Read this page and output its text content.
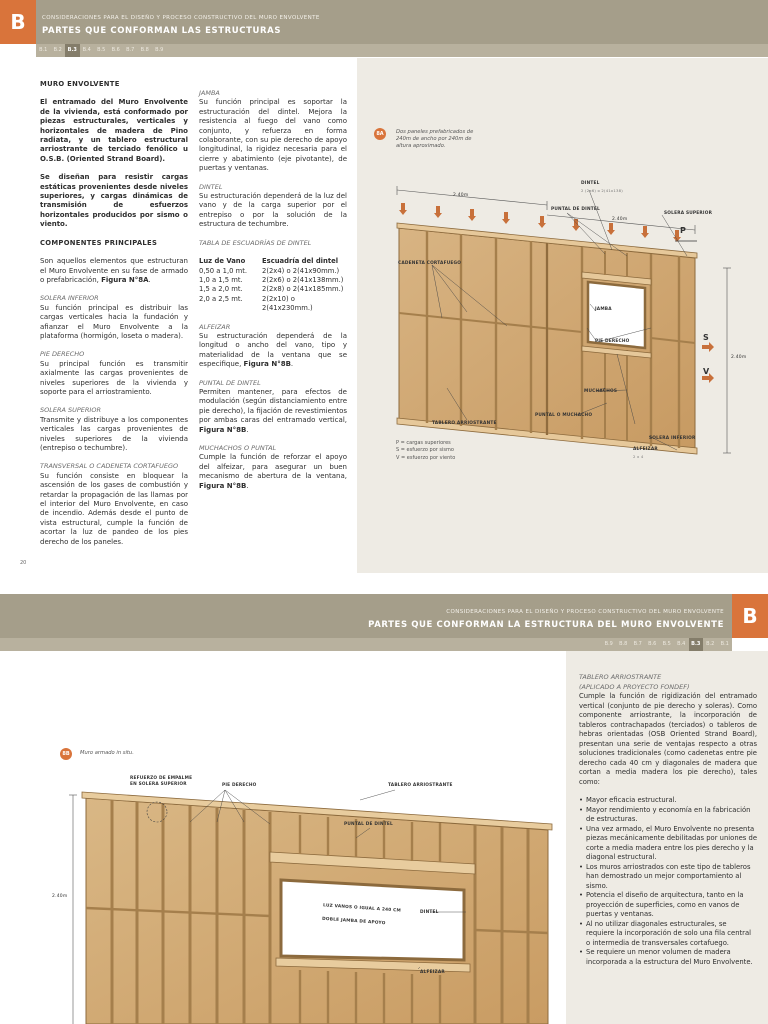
B	CONSIDERACIONES PARA EL DISEÑO Y PROCESO CONSTRUCTIVO DEL MURO ENVOLVENTE
PARTES QUE CONFORMAN LAS ESTRUCTURAS
B.1	B.2	B.3	B.4	B.5	B.6	B.7	B.8	B.9

MURO ENVOLVENTE

El entramado del Muro Envolvente de la vivienda, está conformado por piezas estructurales, verticales y horizontales de madera de Pino radiata, y un tablero estructural arriostrante de terciado fenólico u O.S.B. (Oriented Strand Board).

Se diseñan para resistir cargas estáticas provenientes desde niveles superiores, y cargas dinámicas de transmisión de esfuerzos horizontales producidos por sismo o viento.

COMPONENTES PRINCIPALES

Son aquellos elementos que estructuran el Muro Envolvente en su fase de armado o prefabricación, Figura N°8A.

SOLERA INFERIOR

Su función principal es distribuir las cargas verticales hacia la fundación y afianzar el Muro Envolvente a la plataforma (hormigón, loseta o madera).

PIE DERECHO

Su principal función es transmitir axialmente las cargas provenientes de niveles superiores de la vivienda y soporte para el arriostramiento.

SOLERA SUPERIOR

Transmite y distribuye a los componentes verticales las cargas provenientes de niveles superiores de la vivienda (entrepiso o techumbre).

TRANSVERSAL O CADENETA CORTAFUEGO

Su función consiste en bloquear la ascensión de los gases de combustión y retardar la propagación de las llamas por el interior del Muro Envolvente, en caso de incendio. Además desde el punto de vista estructural, cumple la función de acortar la luz de pandeo de los pies derecho de los paneles.

20
JAMBA

Su función principal es soportar la estructuración del dintel. Mejora la resistencia al fuego del vano como conjunto, y refuerza en forma colaborante, con su pie derecho de apoyo longitudinal, la rigidez necesaria para el cierre y abatimiento (eje pivotante), de puertas y ventanas.

DINTEL

Su estructuración dependerá de la luz del vano y de la carga superior por el entrepiso o por la solución de la estructura de techumbre.

TABLA DE ESCUADRÍAS DE DINTEL
Luz de Vano	Escuadría del dintel
0,50 a 1,0 mt.	2(2x4) o 2(41x90mm.)
1,0 a 1,5 mt.	2(2x6) o 2(41x138mm.)
1,5 a 2,0 mt.	2(2x8) o 2(41x185mm.)
2,0 a 2,5 mt.	2(2x10) o 2(41x230mm.)
ALFEIZAR

Su estructuración dependerá de la longitud o ancho del vano, tipo y materialidad de la ventana que se especifique, Figura N°8B.

PUNTAL DE DINTEL

Permiten mantener, para efectos de modulación (según distanciamiento entre pie derecho), la fijación de revestimientos por ambas caras del entramado vertical, Figura N°8B.

MUCHACHOS O PUNTAL

Cumple la función de reforzar el apoyo del alfeizar, para asegurar un buen mecanismo de abertura de la ventana, Figura N°8B.

8A	Dos paneles prefabricados de 240m de ancho por 240m de altura aproximado.
DINTEL
2 (2x6) o 2(41x138)
PUNTAL DE DINTEL
SOLERA SUPERIOR
CADENETA CORTAFUEGO
JAMBA
PIE DERECHO
MUCHACHOS
TABLERO ARRIOSTRANTE
PUNTAL O MUCHACHO
SOLERA INFERIOR
ALFEIZAR
2 x 4
P
S
V
2.40m
2.40m
2.40m
P = cargas superiores
S = esfuerzo por sismo
V = esfuerzo por viento
CONSIDERACIONES PARA EL DISEÑO Y PROCESO CONSTRUCTIVO DEL MURO ENVOLVENTE
PARTES QUE CONFORMAN LA ESTRUCTURA DEL MURO ENVOLVENTE B
B.9	B.8	B.7	B.6	B.5	B.4	B.3	B.2	B.1
8B	Muro armado in situ.
REFUERZO DE EMPALME
EN SOLERA SUPERIOR	PIE DERECHO	TABLERO ARRIOSTRANTE
PUNTAL DE DINTEL
LUZ VANOS O IGUAL A 240 CM
DOBLE JAMBA DE APOYO
DINTEL
ALFEIZAR
2.40m
TABLERO ARRIOSTRANTE
(APLICADO A PROYECTO FONDEF)

Cumple la función de rigidización del entramado vertical (conjunto de pie derecho y soleras). Como componente arriostrante, la incorporación de tableros contrachapados (terciados) o tableros de hebras orientadas (OSB Oriented Strand Board), presentan una serie de ventajas respecto a otras soluciones tradicionales (como cadenetas entre pie derecho cada 40 cm y diagonales de madera que cortan a media madera los pie derecho), tales como:

• Mayor eficacia estructural.
• Mayor rendimiento y economía en la fabricación de estructuras.
• Una vez armado, el Muro Envolvente no presenta piezas mecánicamente debilitadas por uniones de corte a media madera entre los pies derecho y la diagonal estructural.
• Los muros arriostrados con este tipo de tableros han demostrado un mejor comportamiento al sismo.
• Potencia el diseño de arquitectura, tanto en la proyección de superficies, como en vanos de puertas y ventanas.
• Al no utilizar diagonales estructurales, se requiere la incorporación de solo una fila central o intermedia de transversales cortafuego.
• Se requiere un menor volumen de madera incorporada a la estructura del Muro Envolvente.
